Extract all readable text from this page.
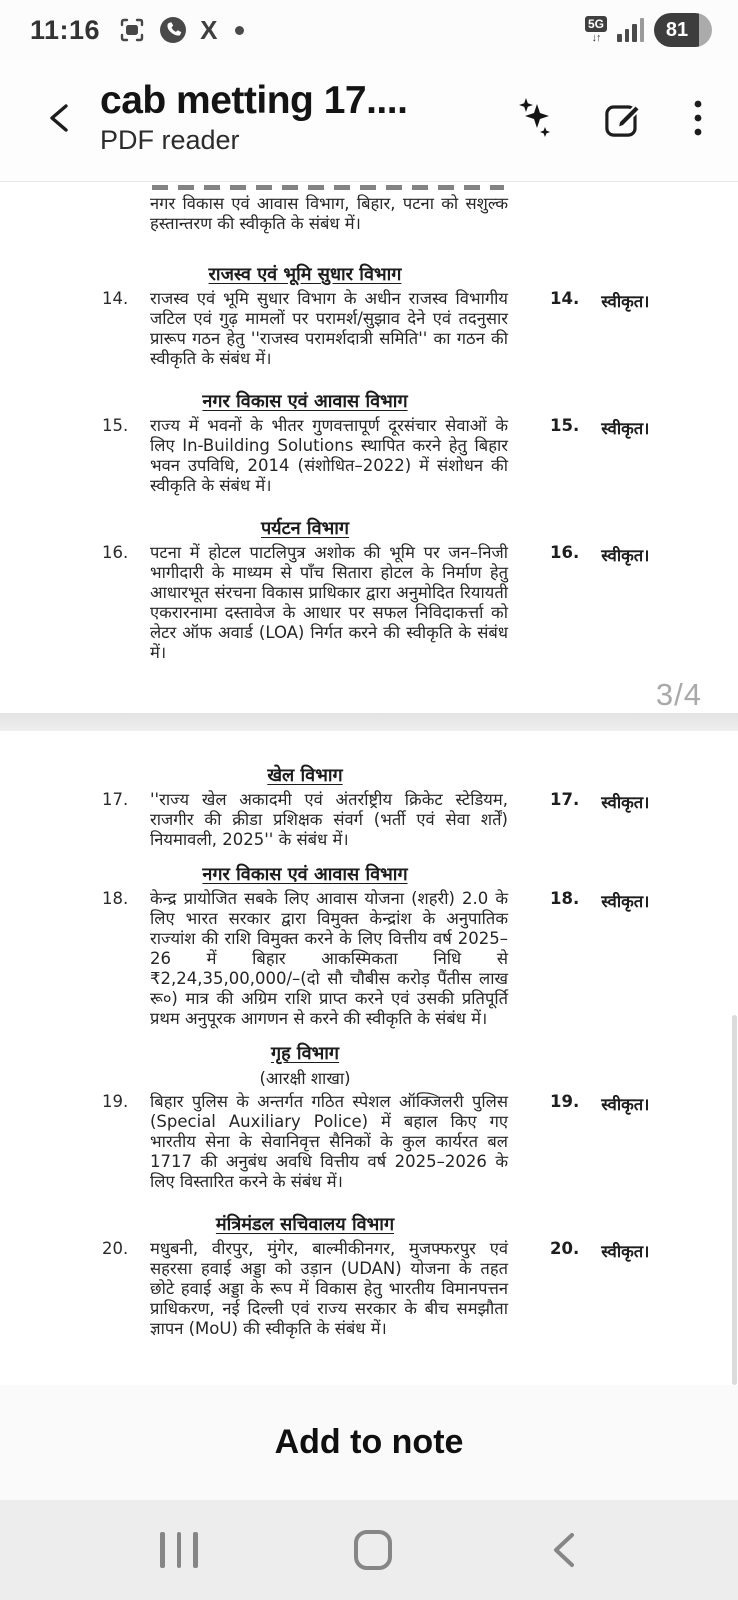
11:16	X	5G
↓↑	81
cab metting 17....
PDF reader
नगर विकास एवं आवास विभाग, बिहार, पटना को सशुल्क हस्तान्तरण की स्वीकृति के संबंध में।
राजस्व एवं भूमि सुधार विभाग
14.	राजस्व एवं भूमि सुधार विभाग के अधीन राजस्व विभागीय जटिल एवं गुढ़ मामलों पर परामर्श/सुझाव देने एवं तदनुसार प्रारूप गठन हेतु ''राजस्व परामर्शदात्री समिति'' का गठन की स्वीकृति के संबंध में।
14. स्वीकृत।
नगर विकास एवं आवास विभाग
15.	राज्य में भवनों के भीतर गुणवत्तापूर्ण दूरसंचार सेवाओं के लिए In-Building Solutions स्थापित करने हेतु बिहार भवन उपविधि, 2014 (संशोधित–2022) में संशोधन की स्वीकृति के संबंध में।
15. स्वीकृत।
पर्यटन विभाग
16.	पटना में होटल पाटलिपुत्र अशोक की भूमि पर जन–निजी भागीदारी के माध्यम से पाँच सितारा होटल के निर्माण हेतु आधारभूत संरचना विकास प्राधिकार द्वारा अनुमोदित रियायती एकरारनामा दस्तावेज के आधार पर सफल निविदाकर्त्ता को लेटर ऑफ अवार्ड (LOA) निर्गत करने की स्वीकृति के संबंध में।
16. स्वीकृत।
3/4
खेल विभाग
17.	''राज्य खेल अकादमी एवं अंतर्राष्ट्रीय क्रिकेट स्टेडियम, राजगीर की क्रीडा प्रशिक्षक संवर्ग (भर्ती एवं सेवा शर्तें) नियमावली, 2025'' के संबंध में।
17. स्वीकृत।
नगर विकास एवं आवास विभाग
18.	केन्द्र प्रायोजित सबके लिए आवास योजना (शहरी) 2.0 के लिए भारत सरकार द्वारा विमुक्त केन्द्रांश के अनुपातिक राज्यांश की राशि विमुक्त करने के लिए वित्तीय वर्ष 2025–26 में बिहार आकस्मिकता निधि से ₹2,24,35,00,000/–(दो सौ चौबीस करोड़ पैंतीस लाख रू०) मात्र की अग्रिम राशि प्राप्त करने एवं उसकी प्रतिपूर्ति प्रथम अनुपूरक आगणन से करने की स्वीकृति के संबंध में।
18. स्वीकृत।
गृह विभाग
(आरक्षी शाखा)
19.	बिहार पुलिस के अन्तर्गत गठित स्पेशल ऑक्जिलरी पुलिस (Special Auxiliary Police) में बहाल किए गए भारतीय सेना के सेवानिवृत्त सैनिकों के कुल कार्यरत बल 1717 की अनुबंध अवधि वित्तीय वर्ष 2025–2026 के लिए विस्तारित करने के संबंध में।
19. स्वीकृत।
मंत्रिमंडल सचिवालय विभाग
20.	मधुबनी, वीरपुर, मुंगेर, बाल्मीकीनगर, मुजफ्फरपुर एवं सहरसा हवाई अड्डा को उड़ान (UDAN) योजना के तहत छोटे हवाई अड्डा के रूप में विकास हेतु भारतीय विमानपत्तन प्राधिकरण, नई दिल्ली एवं राज्य सरकार के बीच समझौता ज्ञापन (MoU) की स्वीकृति के संबंध में।
20. स्वीकृत।
Add to note
